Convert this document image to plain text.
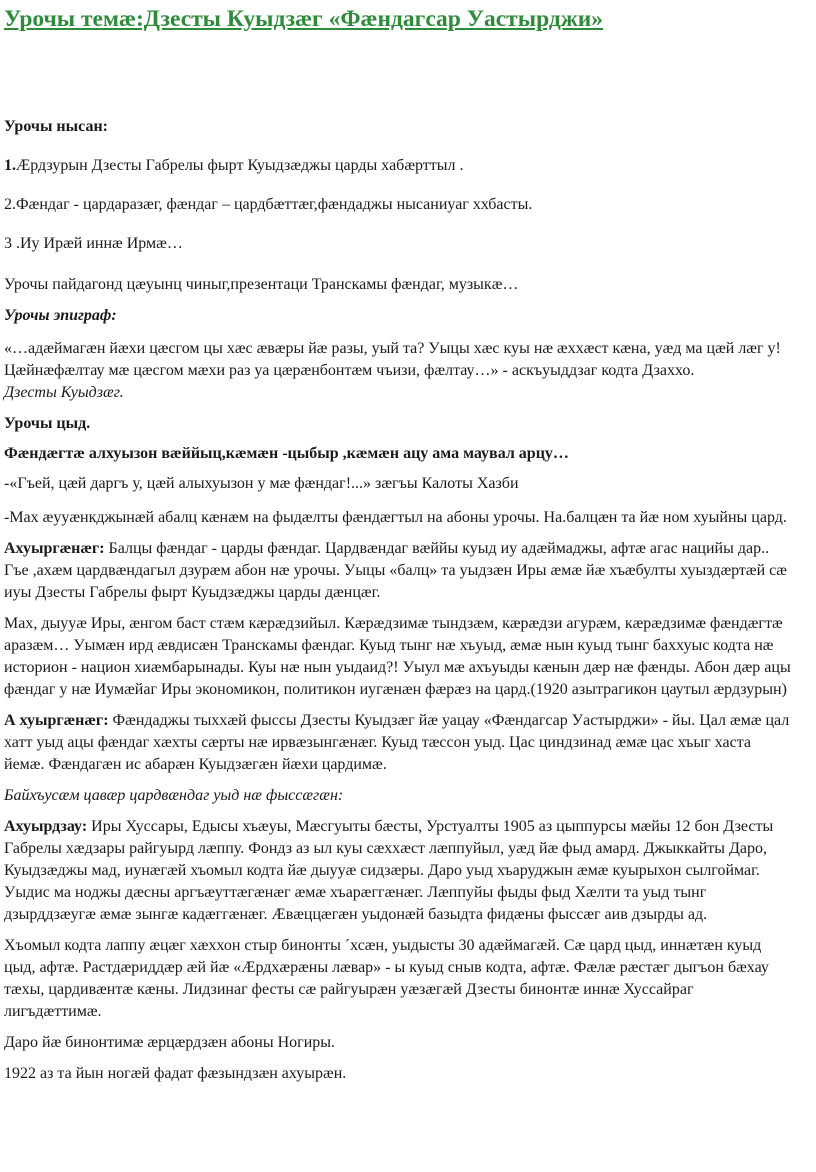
Урочы темæ:Дзесты Куыдзæг «Фæндагсар Уастырджи»

Урочы нысан:

1.Æрдзурын Дзесты Габрелы фырт Куыдзæджы царды хабæрттыл .

2.Фæндаг - цардаразæг, фæндаг – цардбæттæг,фæндаджы нысаниуаг ххбасты.

3 .Иу Ирæй иннæ Ирмæ…

Урочы пайдагонд цæуынц чиныг,презентаци Транскамы фæндаг, музыкæ…

Урочы эпиграф:

«…адæймагæн йæхи цæсгом цы хæс æвæры йæ разы, уый та? Уыцы хæс куы нæ æххæст кæна, уæд ма цæй лæг у! Цæйнæфæлтау мæ цæсгом мæхи раз уа цæрæнбонтæм чъизи, фæлтау…» - аскъуыддзаг кодта Дзаххо.Дзесты Куыдзæг.

Урочы цыд.

Фæндæгтæ алхуызон вæййыц,кæмæн -цыбыр ,кæмæн ацу ама маувал арцу…

-«Гъей, цæй даргъ у, цæй алыхуызон у мæ фæндаг!...» зæгъы Калоты Хазби

-Мах æууæнкджынæй абалц кæнæм на фыдæлты фæндæгтыл на абоны урочы. На.балцæн та йæ ном хуыйны цард.

Ахуыргæнæг: Балцы фæндаг - царды фæндаг. Цардвæндаг вæййы куыд иу адæймаджы, афтæ агас нацийы дар.. Гъе ,ахæм цардвæндагыл дзурæм абон нæ урочы. Уыцы «балц» та уыдзæн Иры æмæ йæ хъæбулты хуыздæртæй сæ иуы Дзесты Габрелы фырт Куыдзæджы царды дæнцæг.

Мах, дыууæ Иры, æнгом баст стæм кæрæдзийыл. Кæрæдзимæ тындзæм, кæрæдзи агурæм, кæрæдзимæ фæндæгтæ аразæм… Уымæн ирд æвдисæн Транскамы фæндаг. Куыд тынг нæ хъуыд, æмæ нын куыд тынг баххуыс кодта нæ историон - национ хиæмбарынады. Куы нæ нын уыдаид?! Уыул мæ ахъуыды кæнын дæр нæ фæнды. Абон дæр ацы фæндаг у нæ Иумæйаг Иры экономикон, политикон иугæнæн фæрæз на цард.(1920 азытрагикон цаутыл æрдзурын)

А хуыргæнæг: Фæндаджы тыххæй фыссы Дзесты Куыдзæг йæ уацау «Фæндагсар Уастырджи» - йы. Цал æмæ цал хатт уыд ацы фæндаг хæхты сæрты нæ ирвæзынгæнæг. Куыд тæссон уыд. Цас циндзинад æмæ цас хъыг хаста йемæ. Фæндагæн ис абарæн Куыдзæгæн йæхи цардимæ.

Байхъусæм цавæр цардвæндаг уыд нæ фыссæгæн:

Ахуырдзау: Иры Хуссары, Едысы хъæуы, Мæсгуыты бæсты, Урстуалты 1905 аз цыппурсы мæйы 12 бон Дзесты Габрелы хæдзары райгуырд лæппу. Фондз аз ыл куы сæххæст лæппуйыл, уæд йæ фыд амард. Джыккайты Даро, Куыдзæджы мад, иунæгæй хъомыл кодта йæ дыууæ сидзæры. Даро уыд хъаруджын æмæ куырыхон сылгоймаг. Уыдис ма ноджы дæсны аргъæуттæгæнæг æмæ хъарæггæнæг. Лæппуйы фыды фыд Хæлти та уыд тынг дзырддзæугæ æмæ зынгæ кадæггæнæг. Æвæццæгæн уыдонæй базыдта фидæны фыссæг аив дзырды ад.

Хъомыл кодта лаппу æцæг хæххон стыр бинонты ´хсæн, уыдысты 30 адæймагæй. Сæ цард цыд, иннæтæн куыд цыд, афтæ. Растдæриддæр æй йæ «Æрдхæрæны лæвар» - ы куыд сныв кодта, афтæ. Фæлæ рæстæг дыгъон бæхау тæхы, цардивæнтæ кæны. Лидзинаг фесты сæ райгуырæн уæзæгæй Дзесты бинонтæ иннæ Хуссайраг лигъдæттимæ.

Даро йæ бинонтимæ æрцæрдзæн абоны Ногиры.

1922 аз та йын ногæй фадат фæзындзæн ахуырæн.
